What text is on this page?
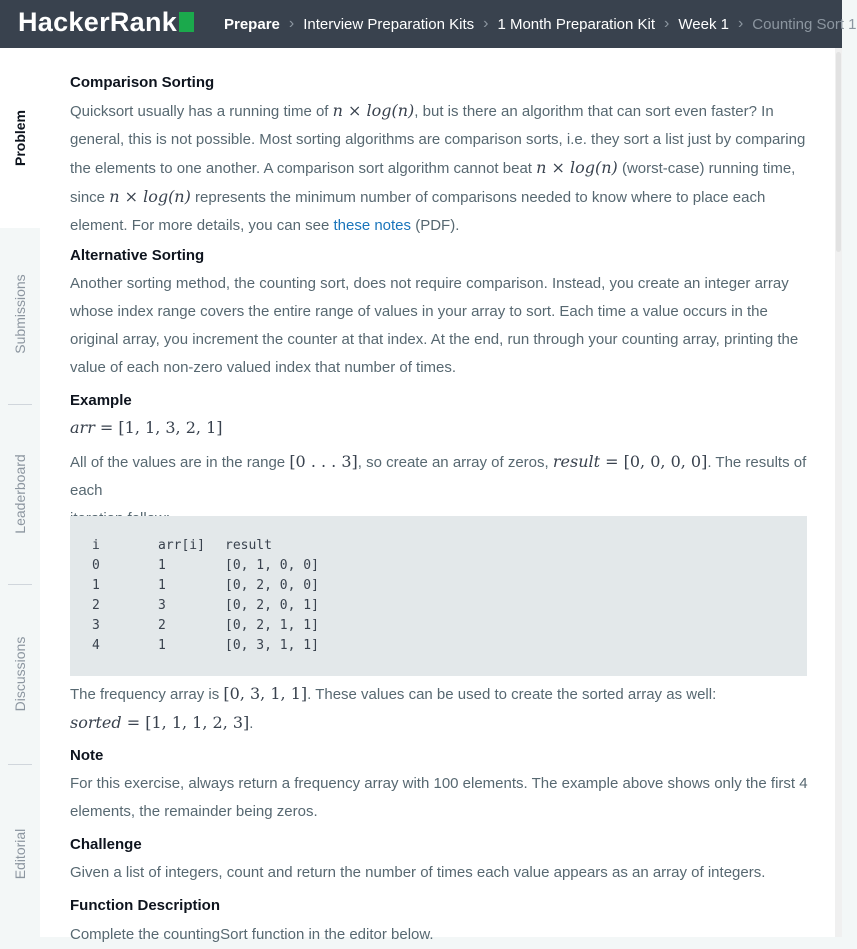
HackerRank	Prepare › Interview Preparation Kits › 1 Month Preparation Kit › Week 1 › Counting Sort 1
Problem
Submissions
Leaderboard
Discussions
Editorial
Comparison Sorting
Quicksort usually has a running time of n × log(n), but is there an algorithm that can sort even faster? In
general, this is not possible. Most sorting algorithms are comparison sorts, i.e. they sort a list just by comparing
the elements to one another. A comparison sort algorithm cannot beat n × log(n) (worst-case) running time,
since n × log(n) represents the minimum number of comparisons needed to know where to place each
element. For more details, you can see these notes (PDF).
Alternative Sorting
Another sorting method, the counting sort, does not require comparison. Instead, you create an integer array whose index range covers the entire range of values in your array to sort. Each time a value occurs in the original array, you increment the counter at that index. At the end, run through your counting array, printing the value of each non-zero valued index that number of times.
Example
arr = [1, 1, 3, 2, 1]
All of the values are in the range [0 . . . 3], so create an array of zeros, result = [0, 0, 0, 0]. The results of each
i	arr[i] result
0	1	[0, 1, 0, 0]
1	1	[0, 2, 0, 0]
2	3	[0, 2, 0, 1]
3	2	[0, 2, 1, 1]
4	1	[0, 3, 1, 1]
The frequency array is [0, 3, 1, 1]. These values can be used to create the sorted array as well:
sorted = [1, 1, 1, 2, 3].
Note
For this exercise, always return a frequency array with 100 elements. The example above shows only the first 4 elements, the remainder being zeros.
Challenge
Given a list of integers, count and return the number of times each value appears as an array of integers.
Function Description
Complete the countingSort function in the editor below.
